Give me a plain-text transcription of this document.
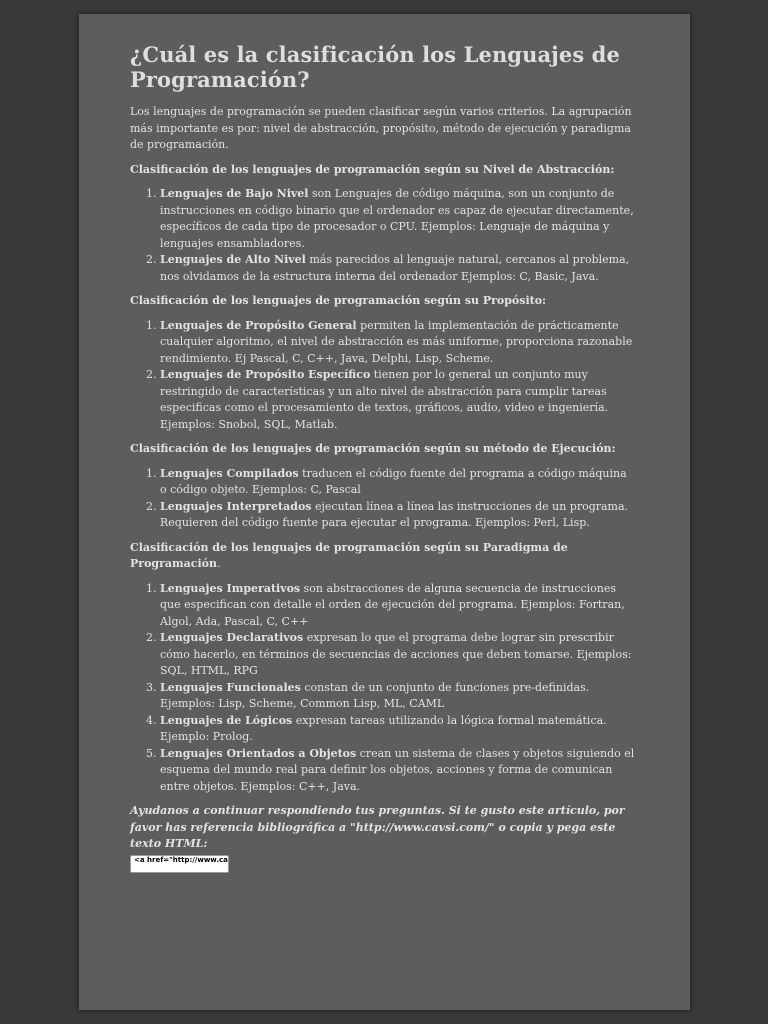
¿Cuál es la clasificación los Lenguajes de Programación?

Los lenguajes de programación se pueden clasificar según varios criterios. La agrupación más importante es por: nivel de abstracción, propósito, método de ejecución y paradigma de programación.

Clasificación de los lenguajes de programación según su Nivel de Abstracción:

1. Lenguajes de Bajo Nivel son Lenguajes de código máquina, son un conjunto de instrucciones en código binario que el ordenador es capaz de ejecutar directamente, específicos de cada tipo de procesador o CPU. Ejemplos: Lenguaje de máquina y lenguajes ensambladores.
2. Lenguajes de Alto Nivel más parecidos al lenguaje natural, cercanos al problema, nos olvidamos de la estructura interna del ordenador Ejemplos: C, Basic, Java.

Clasificación de los lenguajes de programación según su Propósito:

1. Lenguajes de Propósito General permiten la implementación de prácticamente cualquier algoritmo, el nivel de abstracción es más uniforme, proporciona razonable rendimiento. Ej Pascal, C, C++, Java, Delphi, Lisp, Scheme.
2. Lenguajes de Propósito Específico tienen por lo general un conjunto muy restringido de características y un alto nivel de abstracción para cumplir tareas especificas como el procesamiento de textos, gráficos, audio, video e ingeniería. Ejemplos: Snobol, SQL, Matlab.

Clasificación de los lenguajes de programación según su método de Ejecución:

1. Lenguajes Compilados traducen el código fuente del programa a código máquina o código objeto. Ejemplos: C, Pascal
2. Lenguajes Interpretados ejecutan línea a línea las instrucciones de un programa. Requieren del código fuente para ejecutar el programa. Ejemplos: Perl, Lisp.

Clasificación de los lenguajes de programación según su Paradigma de Programación.

1. Lenguajes Imperativos son abstracciones de alguna secuencia de instrucciones que especifican con detalle el orden de ejecución del programa. Ejemplos: Fortran, Algol, Ada, Pascal, C, C++
2. Lenguajes Declarativos expresan lo que el programa debe lograr sin prescribir cómo hacerlo, en términos de secuencias de acciones que deben tomarse. Ejemplos: SQL, HTML, RPG
3. Lenguajes Funcionales constan de un conjunto de funciones pre-definidas. Ejemplos: Lisp, Scheme, Common Lisp, ML, CAML
4. Lenguajes de Lógicos expresan tareas utilizando la lógica formal matemática. Ejemplo: Prolog.
5. Lenguajes Orientados a Objetos crean un sistema de clases y objetos siguiendo el esquema del mundo real para definir los objetos, acciones y forma de comunican entre objetos. Ejemplos: C++, Java.

Ayudanos a continuar respondiendo tus preguntas. Si te gusto este artículo, por favor has referencia bibliográfica a "http://www.cavsi.com/" o copia y pega este texto HTML:

<a href="http://www.cavsi.com/preguntasrespuestas/cual-es-la-clasificacion-los-lenguajes-de-programacion/">¿Cuál es la clasificación los Lenguajes de Programación?</a>
